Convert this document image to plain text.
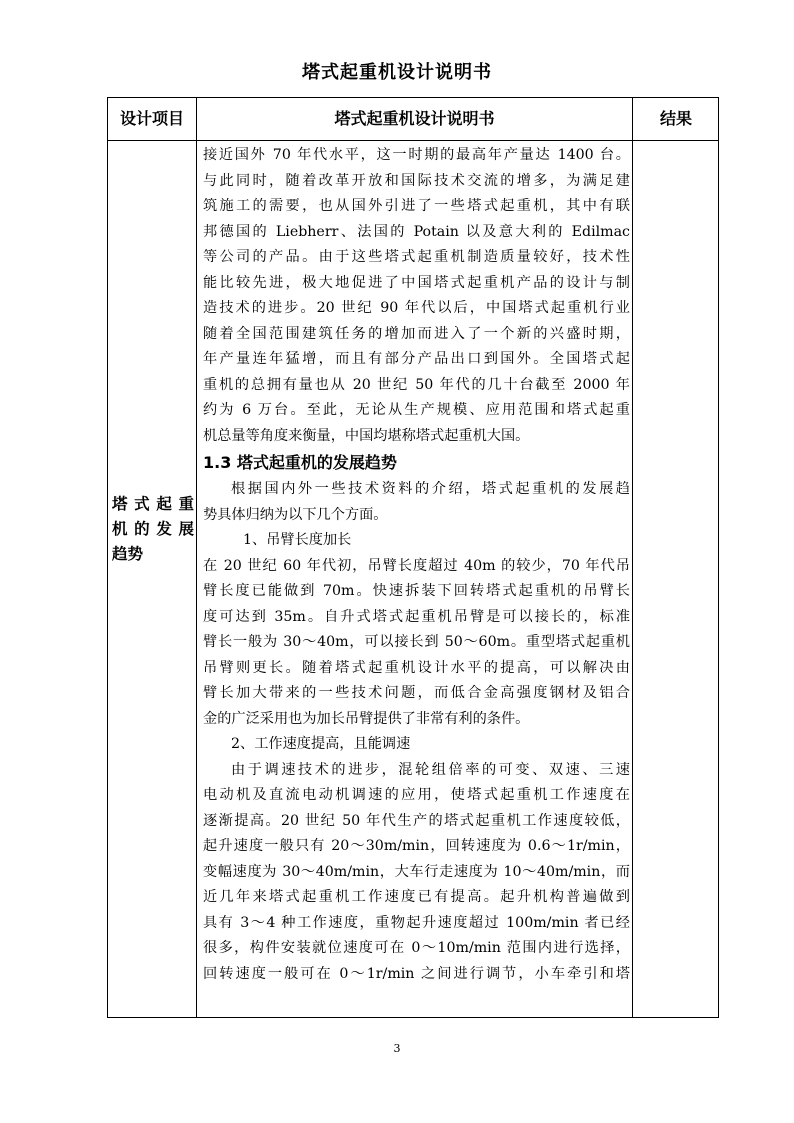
塔式起重机设计说明书
设计项目	塔式起重机设计说明书	结果
塔式起重
机的发展
趋势
接近国外 70 年代水平，这一时期的最高年产量达 1400 台。
与此同时，随着改革开放和国际技术交流的增多，为满足建
筑施工的需要，也从国外引进了一些塔式起重机，其中有联
邦德国的 Liebherr、法国的 Potain 以及意大利的 Edilmac
等公司的产品。由于这些塔式起重机制造质量较好，技术性
能比较先进，极大地促进了中国塔式起重机产品的设计与制
造技术的进步。20 世纪 90 年代以后，中国塔式起重机行业
随着全国范围建筑任务的增加而进入了一个新的兴盛时期，
年产量连年猛增，而且有部分产品出口到国外。全国塔式起
重机的总拥有量也从 20 世纪 50 年代的几十台截至 2000 年
约为 6 万台。至此，无论从生产规模、应用范围和塔式起重
机总量等角度来衡量，中国均堪称塔式起重机大国。
1.3 塔式起重机的发展趋势
根据国内外一些技术资料的介绍，塔式起重机的发展趋
势具体归纳为以下几个方面。
1、吊臂长度加长
在 20 世纪 60 年代初，吊臂长度超过 40m 的较少，70 年代吊
臂长度已能做到 70m。快速拆装下回转塔式起重机的吊臂长
度可达到 35m。自升式塔式起重机吊臂是可以接长的，标准
臂长一般为 30～40m，可以接长到 50～60m。重型塔式起重机
吊臂则更长。随着塔式起重机设计水平的提高，可以解决由
臂长加大带来的一些技术问题，而低合金高强度钢材及铝合
金的广泛采用也为加长吊臂提供了非常有利的条件。
2、工作速度提高，且能调速
由于调速技术的进步，混轮组倍率的可变、双速、三速
电动机及直流电动机调速的应用，使塔式起重机工作速度在
逐渐提高。20 世纪 50 年代生产的塔式起重机工作速度较低，
起升速度一般只有 20～30m/min，回转速度为 0.6～1r/min，
变幅速度为 30～40m/min，大车行走速度为 10～40m/min，而
近几年来塔式起重机工作速度已有提高。起升机构普遍做到
具有 3～4 种工作速度，重物起升速度超过 100m/min 者已经
很多，构件安装就位速度可在 0～10m/min 范围内进行选择，
回转速度一般可在 0～1r/min 之间进行调节，小车牵引和塔
3
